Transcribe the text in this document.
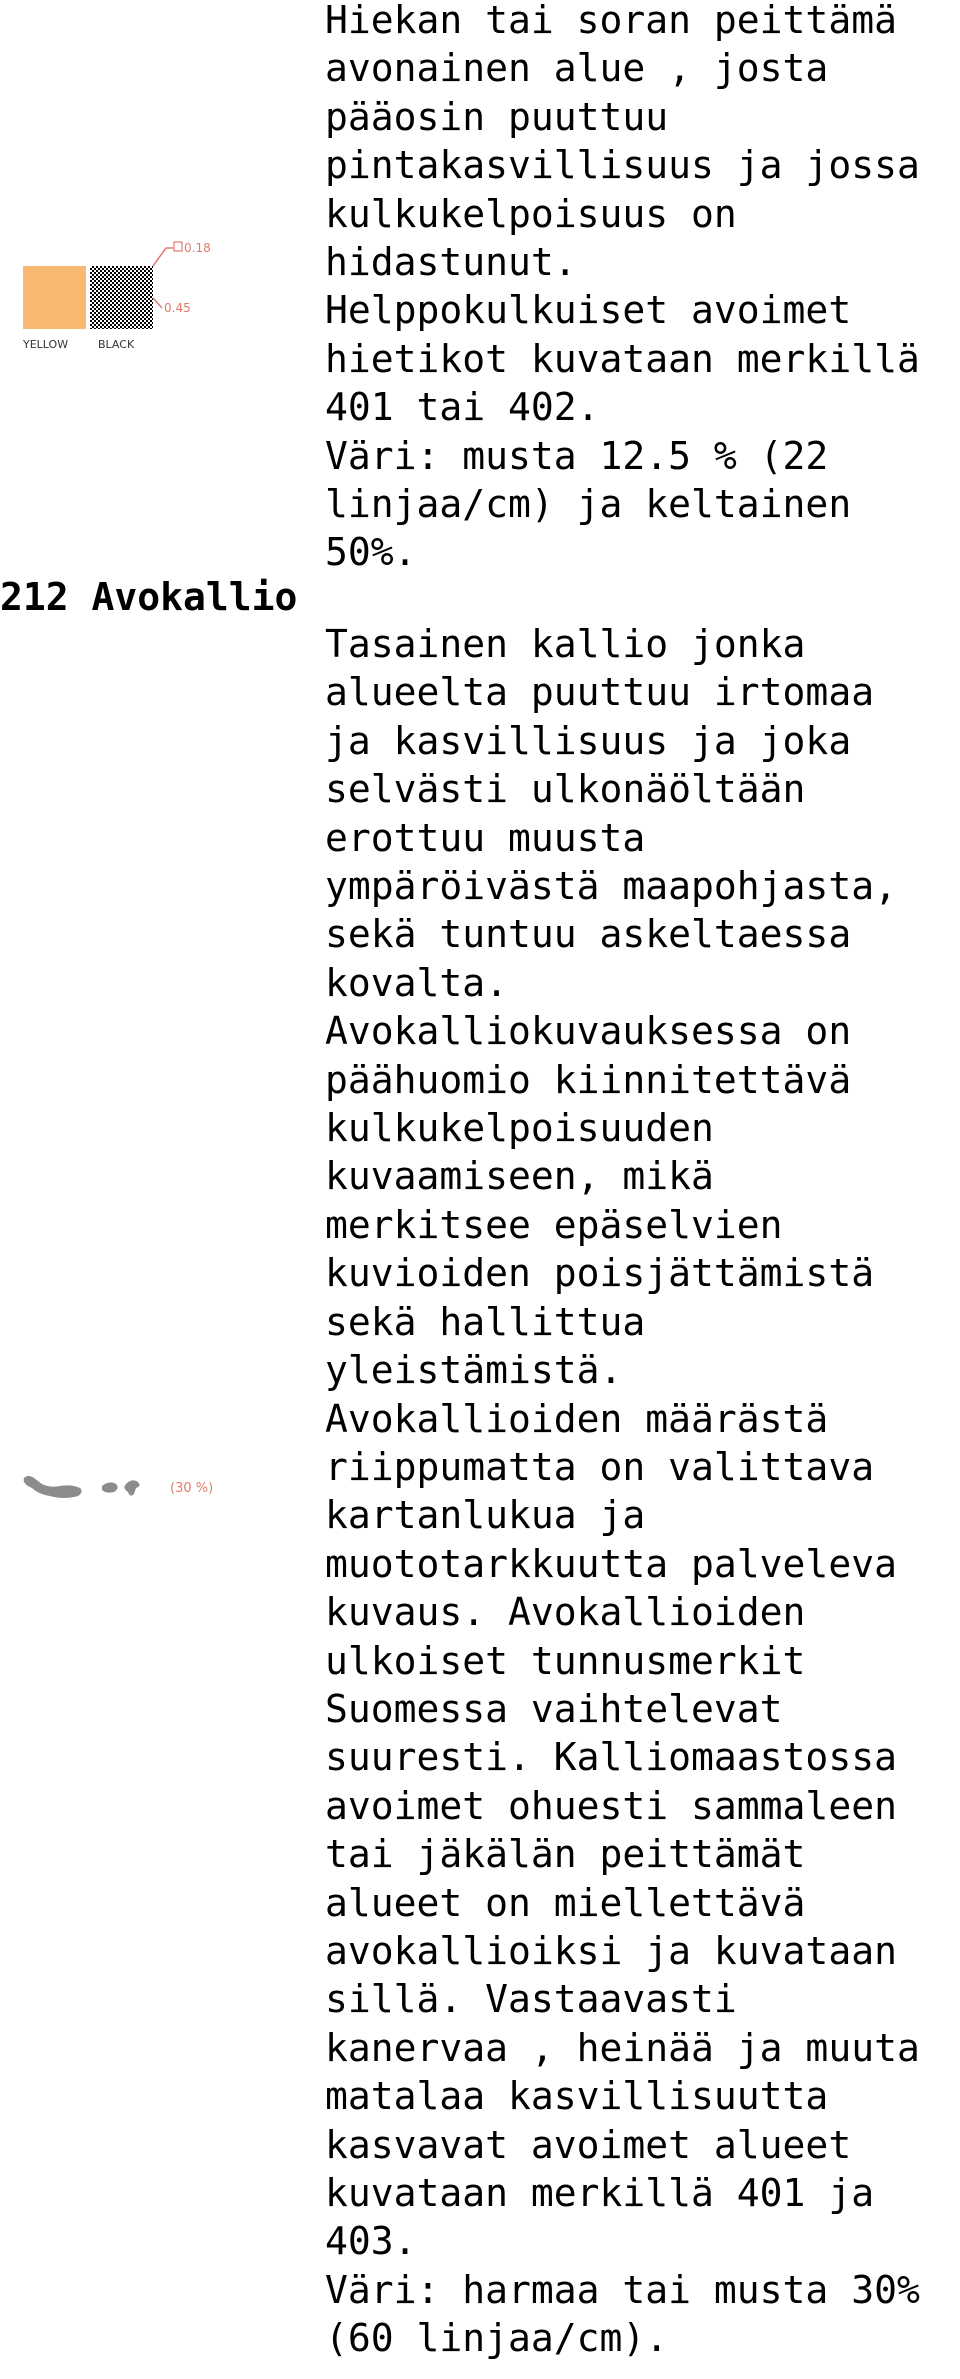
0.18
0.45
YELLOW	BLACK
Hiekan tai soran peittämä
avonainen alue , josta
pääosin puuttuu
pintakasvillisuus ja jossa
kulkukelpoisuus on
hidastunut.
Helppokulkuiset avoimet
hietikot kuvataan merkillä
401 tai 402.
Väri: musta 12.5 % (22
linjaa/cm) ja keltainen
50%.
212 Avokallio
(30 %)
Tasainen kallio jonka
alueelta puuttuu irtomaa
ja kasvillisuus ja joka
selvästi ulkonäöltään
erottuu muusta
ympäröivästä maapohjasta,
sekä tuntuu askeltaessa
kovalta.
Avokalliokuvauksessa on
päähuomio kiinnitettävä
kulkukelpoisuuden
kuvaamiseen, mikä
merkitsee epäselvien
kuvioiden poisjättämistä
sekä hallittua
yleistämistä.
Avokallioiden määrästä
riippumatta on valittava
kartanlukua ja
muototarkkuutta palveleva
kuvaus. Avokallioiden
ulkoiset tunnusmerkit
Suomessa vaihtelevat
suuresti. Kalliomaastossa
avoimet ohuesti sammaleen
tai jäkälän peittämät
alueet on miellettävä
avokallioiksi ja kuvataan
sillä. Vastaavasti
kanervaa , heinää ja muuta
matalaa kasvillisuutta
kasvavat avoimet alueet
kuvataan merkillä 401 ja
403.
Väri: harmaa tai musta 30%
(60 linjaa/cm).
